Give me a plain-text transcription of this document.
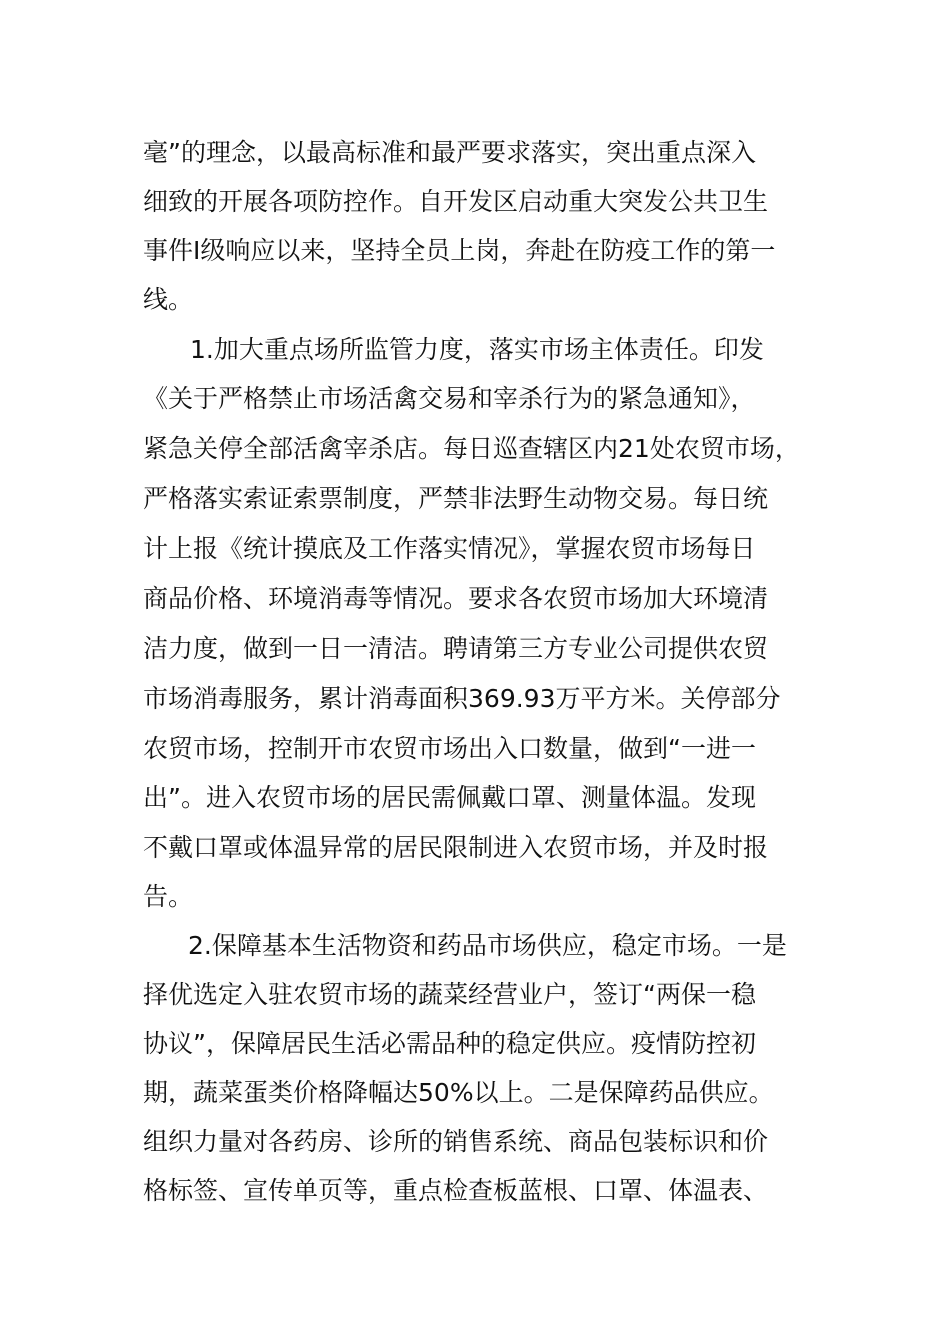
毫”的理念，以最高标准和最严要求落实，突出重点深入
细致的开展各项防控作。自开发区启动重大突发公共卫生
事件Ⅰ级响应以来，坚持全员上岗，奔赴在防疫工作的第一
线。
1.加大重点场所监管力度，落实市场主体责任。印发
《关于严格禁止市场活禽交易和宰杀行为的紧急通知》，
紧急关停全部活禽宰杀店。每日巡查辖区内21处农贸市场，
严格落实索证索票制度，严禁非法野生动物交易。每日统
计上报《统计摸底及工作落实情况》，掌握农贸市场每日
商品价格、环境消毒等情况。要求各农贸市场加大环境清
洁力度，做到一日一清洁。聘请第三方专业公司提供农贸
市场消毒服务，累计消毒面积369.93万平方米。关停部分
农贸市场，控制开市农贸市场出入口数量，做到“一进一
出”。进入农贸市场的居民需佩戴口罩、测量体温。发现
不戴口罩或体温异常的居民限制进入农贸市场，并及时报
告。
2.保障基本生活物资和药品市场供应，稳定市场。一是
择优选定入驻农贸市场的蔬菜经营业户，签订“两保一稳
协议”，保障居民生活必需品种的稳定供应。疫情防控初
期，蔬菜蛋类价格降幅达50%以上。二是保障药品供应。
组织力量对各药房、诊所的销售系统、商品包装标识和价
格标签、宣传单页等，重点检查板蓝根、口罩、体温表、
